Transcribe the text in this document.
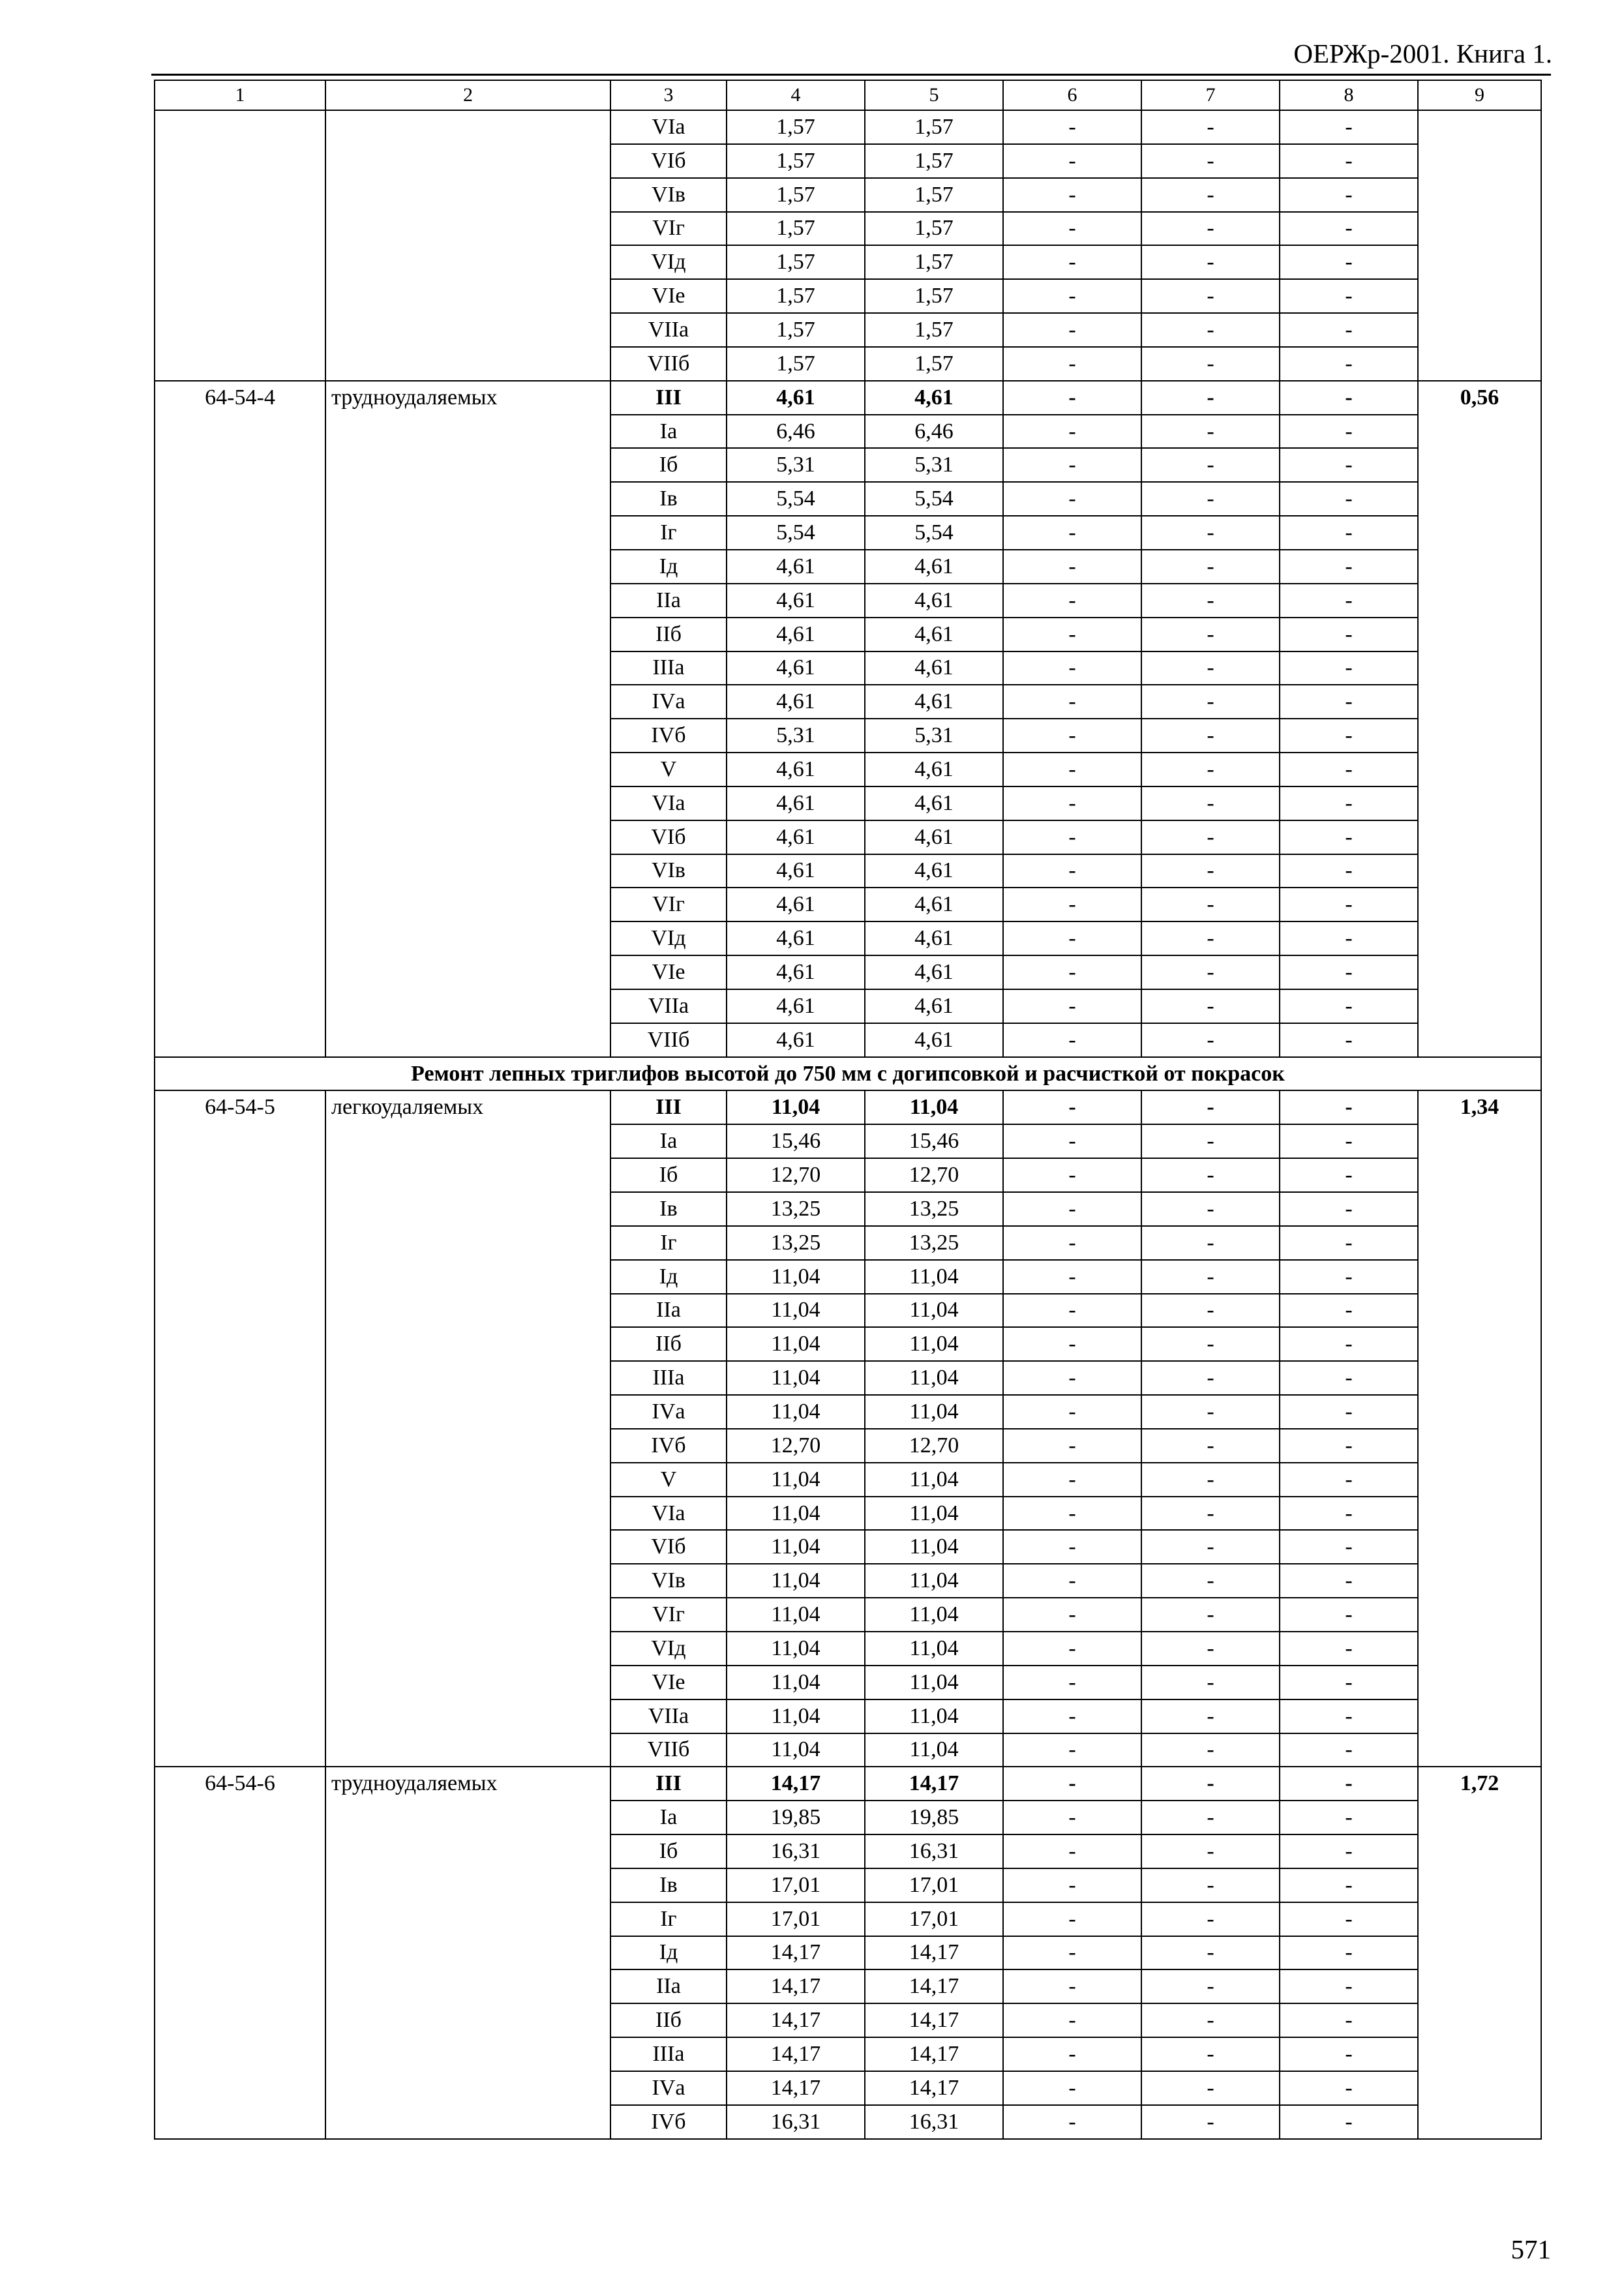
ОЕРЖр-2001. Книга 1.
1	2	3	4	5	6	7	8	9
		VIа	1,57	1,57	-	-	-	
		VIб	1,57	1,57	-	-	-	
		VIв	1,57	1,57	-	-	-	
		VIг	1,57	1,57	-	-	-	
		VIд	1,57	1,57	-	-	-	
		VIе	1,57	1,57	-	-	-	
		VIIа	1,57	1,57	-	-	-	
		VIIб	1,57	1,57	-	-	-	
64-54-4	трудноудаляемых	III	4,61	4,61	-	-	-	0,56
		Iа	6,46	6,46	-	-	-	
		Iб	5,31	5,31	-	-	-	
		Iв	5,54	5,54	-	-	-	
		Iг	5,54	5,54	-	-	-	
		Iд	4,61	4,61	-	-	-	
		IIа	4,61	4,61	-	-	-	
		IIб	4,61	4,61	-	-	-	
		IIIа	4,61	4,61	-	-	-	
		IVа	4,61	4,61	-	-	-	
		IVб	5,31	5,31	-	-	-	
		V	4,61	4,61	-	-	-	
		VIа	4,61	4,61	-	-	-	
		VIб	4,61	4,61	-	-	-	
		VIв	4,61	4,61	-	-	-	
		VIг	4,61	4,61	-	-	-	
		VIд	4,61	4,61	-	-	-	
		VIе	4,61	4,61	-	-	-	
		VIIа	4,61	4,61	-	-	-	
		VIIб	4,61	4,61	-	-	-	
Ремонт лепных триглифов высотой до 750 мм с догипсовкой и расчисткой от покрасок								
64-54-5	легкоудаляемых	III	11,04	11,04	-	-	-	1,34
		Iа	15,46	15,46	-	-	-	
		Iб	12,70	12,70	-	-	-	
		Iв	13,25	13,25	-	-	-	
		Iг	13,25	13,25	-	-	-	
		Iд	11,04	11,04	-	-	-	
		IIа	11,04	11,04	-	-	-	
		IIб	11,04	11,04	-	-	-	
		IIIа	11,04	11,04	-	-	-	
		IVа	11,04	11,04	-	-	-	
		IVб	12,70	12,70	-	-	-	
		V	11,04	11,04	-	-	-	
		VIа	11,04	11,04	-	-	-	
		VIб	11,04	11,04	-	-	-	
		VIв	11,04	11,04	-	-	-	
		VIг	11,04	11,04	-	-	-	
		VIд	11,04	11,04	-	-	-	
		VIе	11,04	11,04	-	-	-	
		VIIа	11,04	11,04	-	-	-	
		VIIб	11,04	11,04	-	-	-	
64-54-6	трудноудаляемых	III	14,17	14,17	-	-	-	1,72
		Iа	19,85	19,85	-	-	-	
		Iб	16,31	16,31	-	-	-	
		Iв	17,01	17,01	-	-	-	
		Iг	17,01	17,01	-	-	-	
		Iд	14,17	14,17	-	-	-	
		IIа	14,17	14,17	-	-	-	
		IIб	14,17	14,17	-	-	-	
		IIIа	14,17	14,17	-	-	-	
		IVа	14,17	14,17	-	-	-	
		IVб	16,31	16,31	-	-	-	
571
